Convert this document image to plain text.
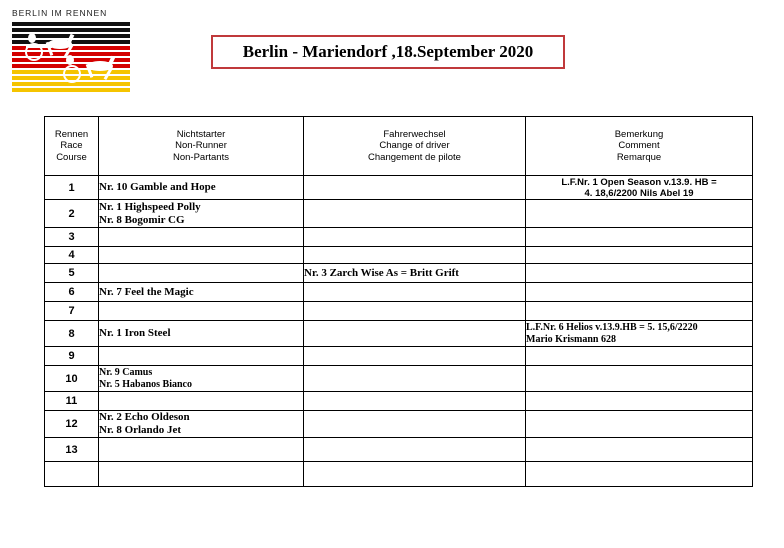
BERLIN IM RENNEN
Berlin - Mariendorf ,18.September 2020
Rennen
Race
Course	Nichtstarter
Non-Runner
Non-Partants	Fahrerwechsel
Change of driver
Changement de pilote	Bemerkung
Comment
Remarque

1	Nr. 10 Gamble and Hope		L.F.Nr. 1 Open Season v.13.9. HB =
4. 18,6/2200 Nils Abel 19

2	Nr. 1 Highspeed Polly
Nr. 8 Bogomir CG		

3			
4			
5		Nr. 3 Zarch Wise As = Britt Grift	
6	Nr. 7 Feel the Magic		

7			
8	Nr. 1 Iron Steel		L.F.Nr. 6 Helios v.13.9.HB = 5. 15,6/2220
Mario Krismann 628

9			
10	Nr. 9 Camus
Nr. 5 Habanos Bianco		

11			
12	Nr. 2 Echo Oldeson
Nr. 8 Orlando Jet		

13			
